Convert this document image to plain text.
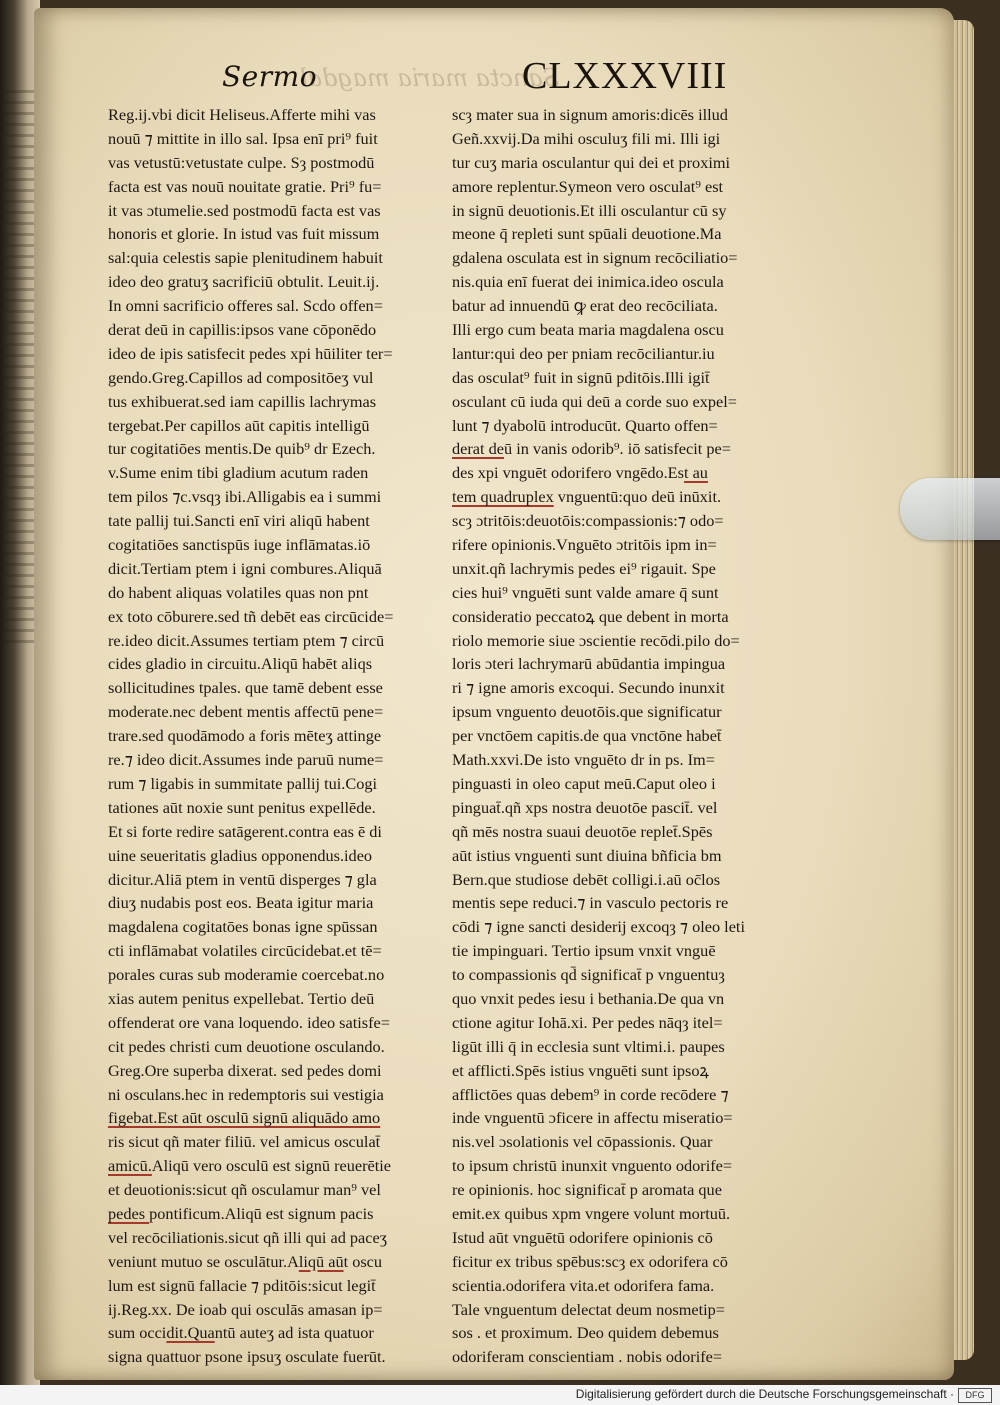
Sancta maria magdal
Sermo	CLXXXVIII
Reg.ij.vbi dicit Heliseus.Afferte mihi vas
nouū ⁊ mittite in illo sal. Ipsa enī pri⁹ fuit
vas vetustū:vetustate culpe. Sȝ postmodū
facta est vas nouū nouitate gratie. Pri⁹ fu=
it vas ɔtumelie.sed postmodū facta est vas
honoris et glorie. In istud vas fuit missum
sal:quia celestis sapie plenitudinem habuit
ideo deo gratuʒ sacrificiū obtulit. Leuit.ij.
In omni sacrificio offeres sal. Scdo offen=
derat deū in capillis:ipsos vane cōponēdo
ideo de ipis satisfecit pedes xpi hūiliter ter=
gendo.Greg.Capillos ad compositōeʒ vul
tus exhibuerat.sed iam capillis lachrymas
tergebat.Per capillos aūt capitis intelligū
tur cogitatiōes mentis.De quib⁹ dr Ezech.
v.Sume enim tibi gladium acutum raden
tem pilos ⁊c.vsqȝ ibi.Alligabis ea i summi
tate pallij tui.Sancti enī viri aliqū habent
cogitatiōes sanctispūs iuge inflāmatas.iō
dicit.Tertiam ptem i igni combures.Aliquā
do habent aliquas volatiles quas non pnt
ex toto cōburere.sed tñ debēt eas circūcide=
re.ideo dicit.Assumes tertiam ptem ⁊ circū
cides gladio in circuitu.Aliqū habēt aliqs
sollicitudines tpales. que tamē debent esse
moderate.nec debent mentis affectū pene=
trare.sed quodāmodo a foris mēteʒ attinge
re.⁊ ideo dicit.Assumes inde paruū nume=
rum ⁊ ligabis in summitate pallij tui.Cogi
tationes aūt noxie sunt penitus expellēde.
Et si forte redire satāgerent.contra eas ē di
uine seueritatis gladius opponendus.ideo
dicitur.Aliā ptem in ventū disperges ⁊ gla
diuʒ nudabis post eos. Beata igitur maria
magdalena cogitatōes bonas igne spūssan
cti inflāmabat volatiles circūcidebat.et tē=
porales curas sub moderamie coercebat.no
xias autem penitus expellebat. Tertio deū
offenderat ore vana loquendo. ideo satisfe=
cit pedes christi cum deuotione osculando.
Greg.Ore superba dixerat. sed pedes domi
ni osculans.hec in redemptoris sui vestigia
figebat.Est aūt osculū signū aliquādo amo
ris sicut qñ mater filiū. vel amicus osculat̄
amicū.Aliqū vero osculū est signū reuerētie
et deuotionis:sicut qñ osculamur man⁹ vel
pedes pontificum.Aliqū est signum pacis
vel recōciliationis.sicut qñ illi qui ad paceʒ
veniunt mutuo se osculātur.Aliqū aūt oscu
lum est signū fallacie ⁊ pditōis:sicut legit̄
ij.Reg.xx. De ioab qui osculās amasan ip=
sum occidit.Quantū auteʒ ad ista quatuor
signa quattuor psone ipsuʒ osculate fuerūt.
scȝ mater sua in signum amoris:dicēs illud
Geñ.xxvij.Da mihi osculuʒ fili mi. Illi igi
tur cuʒ maria osculantur qui dei et proximi
amore replentur.Symeon vero osculat⁹ est
in signū deuotionis.Et illi osculantur cū sy
meone q̄ repleti sunt spūali deuotione.Ma
gdalena osculata est in signum recōciliatio=
nis.quia enī fuerat dei inimica.ideo oscula
batur ad innuendū ꝙ erat deo recōciliata.
Illi ergo cum beata maria magdalena oscu
lantur:qui deo per pniam recōciliantur.iu
das osculat⁹ fuit in signū pditōis.Illi igit̄
osculant cū iuda qui deū a corde suo expel=
lunt ⁊ dyabolū introducūt. Quarto offen=
derat deū in vanis odorib⁹. iō satisfecit pe=
des xpi vnguēt odorifero vngēdo.Est au
tem quadruplex vnguentū:quo deū inūxit.
scȝ ɔtritōis:deuotōis:compassionis:⁊ odo=
rifere opinionis.Vnguēto ɔtritōis ipm in=
unxit.qñ lachrymis pedes ei⁹ rigauit. Spe
cies hui⁹ vnguēti sunt valde amare q̄ sunt
consideratio peccatoꝝ que debent in morta
riolo memorie siue ɔscientie recōdi.pilo do=
loris ɔteri lachrymarū abūdantia impingua
ri ⁊ igne amoris excoqui. Secundo inunxit
ipsum vnguento deuotōis.que significatur
per vnctōem capitis.de qua vnctōne habet̄
Math.xxvi.De isto vnguēto dr in ps. Im=
pinguasti in oleo caput meū.Caput oleo i
pinguat̄.qñ xps nostra deuotōe pascit̄. vel
qñ mēs nostra suaui deuotōe replet̄.Spēs
aūt istius vnguenti sunt diuina bñficia bm
Bern.que studiose debēt colligi.i.aū oc̄los
mentis sepe reduci.⁊ in vasculo pectoris re
cōdi ⁊ igne sancti desiderij excoqȝ ⁊ oleo leti
tie impinguari. Tertio ipsum vnxit vnguē
to compassionis qd̄ significat̄ p vnguentuȝ
quo vnxit pedes iesu i bethania.De qua vn
ctione agitur Iohā.xi. Per pedes nāqȝ itel=
ligūt illi q̄ in ecclesia sunt vltimi.i. paupes
et afflicti.Spēs istius vnguēti sunt ipsoꝝ
afflictōes quas debem⁹ in corde recōdere ⁊
inde vnguentū ɔficere in affectu miseratio=
nis.vel ɔsolationis vel cōpassionis. Quar
to ipsum christū inunxit vnguento odorife=
re opinionis. hoc significat̄ p aromata que
emit.ex quibus xpm vngere volunt mortuū.
Istud aūt vnguētū odorifere opinionis cō
ficitur ex tribus spēbus:scȝ ex odorifera cō
scientia.odorifera vita.et odorifera fama.
Tale vnguentum delectat deum nosmetip=
sos . et proximum. Deo quidem debemus
odoriferam conscientiam . nobis odorife=
Digitalisierung gefördert durch die Deutsche Forschungsgemeinschaft ·	DFG
